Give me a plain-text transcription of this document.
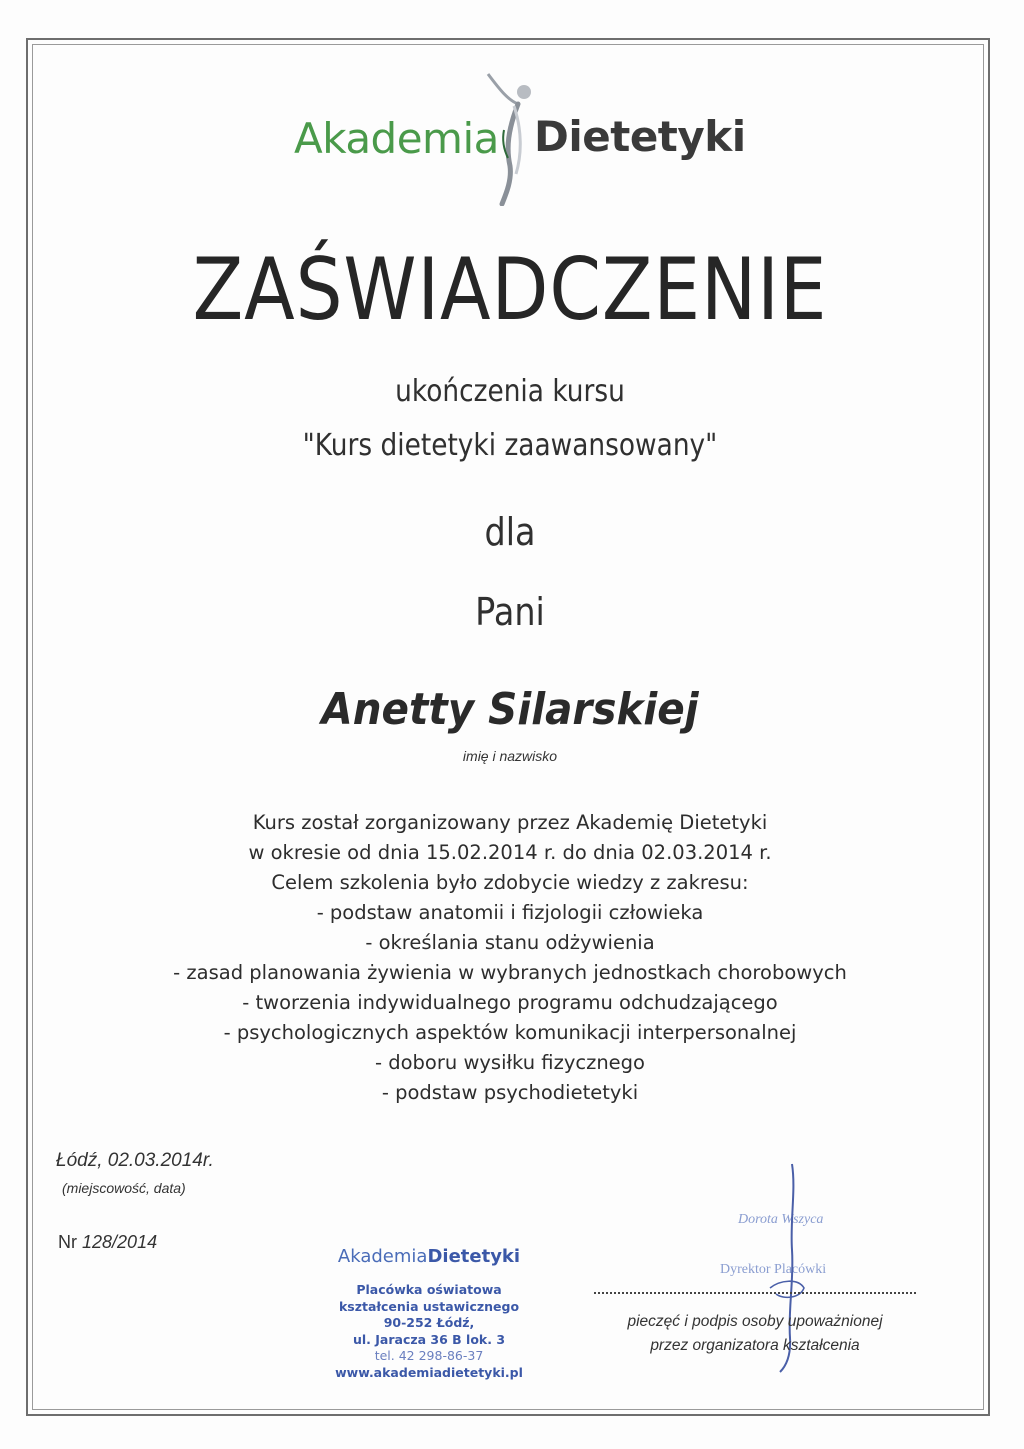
Akademia Dietetyki
ZAŚWIADCZENIE
ukończenia kursu
"Kurs dietetyki zaawansowany"
dla
Pani
Anetty Silarskiej
imię i nazwisko
Kurs został zorganizowany przez Akademię Dietetyki
w okresie od dnia 15.02.2014 r. do dnia 02.03.2014 r.
Celem szkolenia było zdobycie wiedzy z zakresu:
- podstaw anatomii i fizjologii człowieka
- określania stanu odżywienia
- zasad planowania żywienia w wybranych jednostkach chorobowych
- tworzenia indywidualnego programu odchudzającego
- psychologicznych aspektów komunikacji interpersonalnej
- doboru wysiłku fizycznego
- podstaw psychodietetyki
Łódź, 02.03.2014r.
(miejscowość, data)
Nr 128/2014
AkademiaDietetyki
Placówka oświatowa
kształcenia ustawicznego
90-252 Łódź,
ul. Jaracza 36 B lok. 3
tel. 42 298-86-37
www.akademiadietetyki.pl
Dorota Wszyca
Dyrektor Placówki
pieczęć i podpis osoby upoważnionej
przez organizatora kształcenia
